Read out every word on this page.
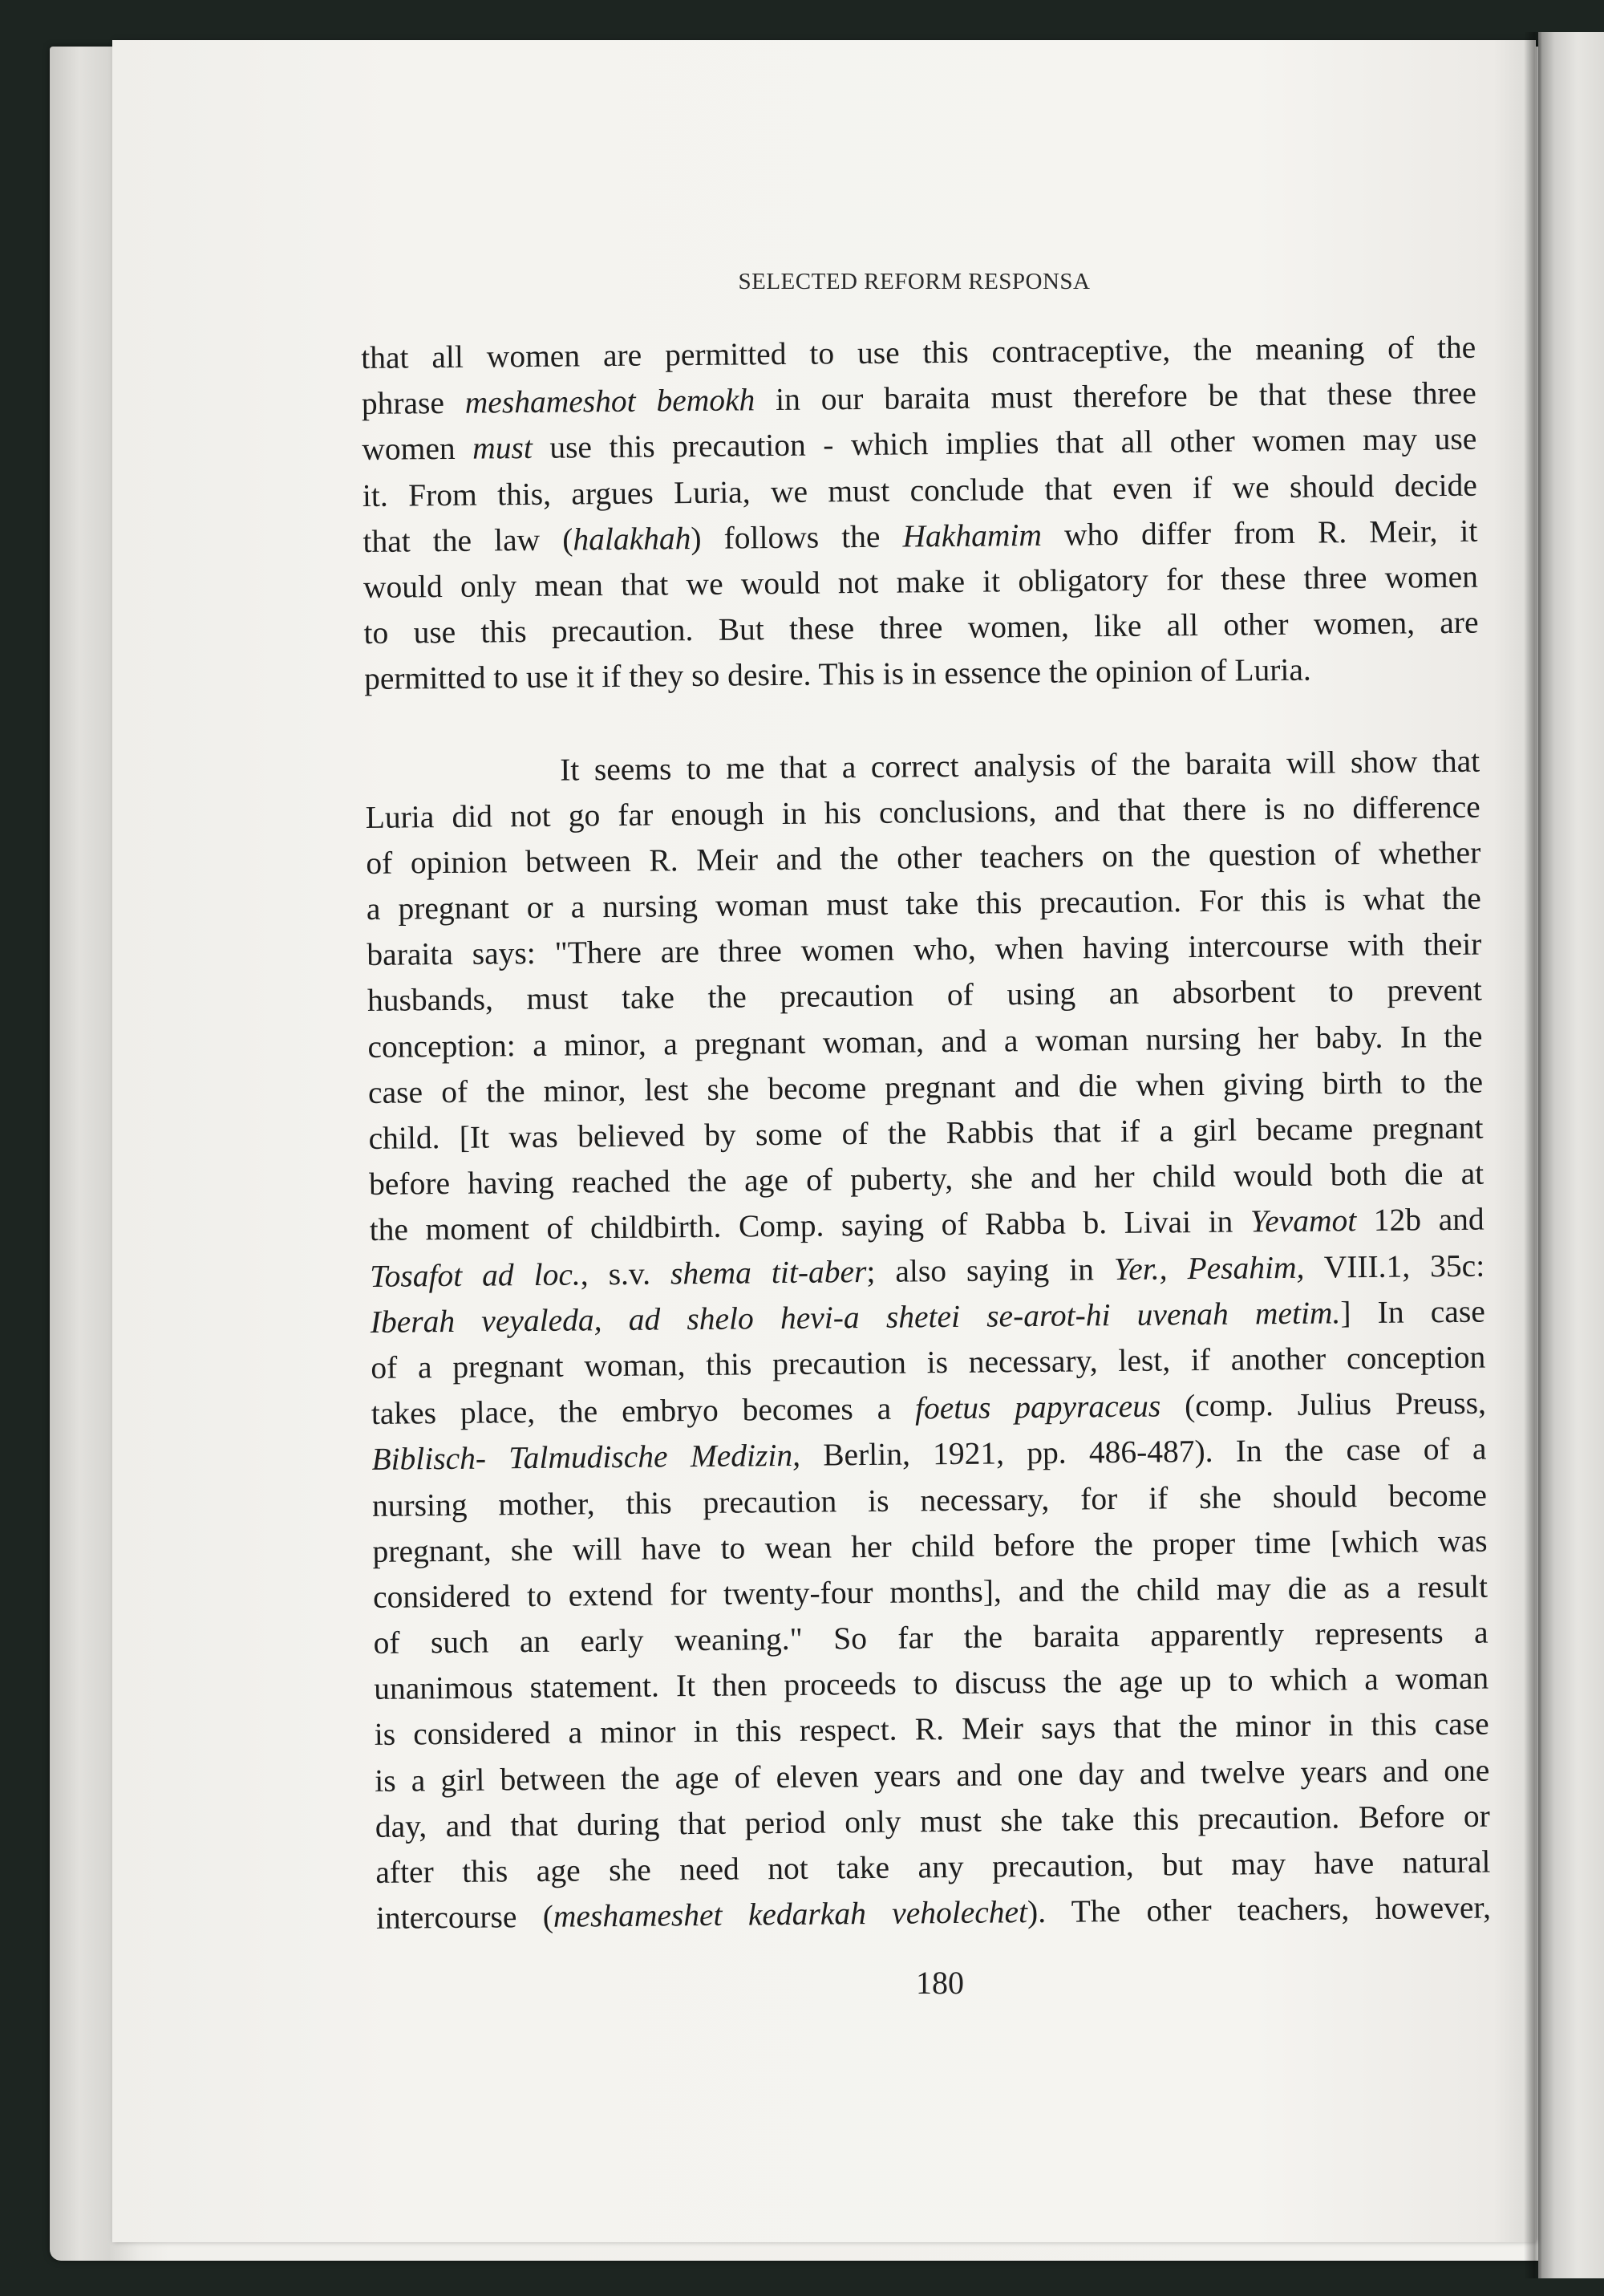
SELECTED REFORM RESPONSA
that all women are permitted to use this contraceptive, the meaning of the
phrase meshameshot bemokh in our baraita must therefore be that these three
women must use this precaution - which implies that all other women may use
it. From this, argues Luria, we must conclude that even if we should decide
that the law (halakhah) follows the Hakhamim who differ from R. Meir, it
would only mean that we would not make it obligatory for these three women
to use this precaution. But these three women, like all other women, are
permitted to use it if they so desire. This is in essence the opinion of Luria.
It seems to me that a correct analysis of the baraita will show that
Luria did not go far enough in his conclusions, and that there is no difference
of opinion between R. Meir and the other teachers on the question of whether
a pregnant or a nursing woman must take this precaution. For this is what the
baraita says: "There are three women who, when having intercourse with their
husbands, must take the precaution of using an absorbent to prevent
conception: a minor, a pregnant woman, and a woman nursing her baby. In the
case of the minor, lest she become pregnant and die when giving birth to the
child. [It was believed by some of the Rabbis that if a girl became pregnant
before having reached the age of puberty, she and her child would both die at
the moment of childbirth. Comp. saying of Rabba b. Livai in Yevamot 12b and
Tosafot ad loc., s.v. shema tit-aber; also saying in Yer., Pesahim, VIII.1, 35c:
Iberah veyaleda, ad shelo hevi-a shetei se-arot-hi uvenah metim.] In case
of a pregnant woman, this precaution is necessary, lest, if another conception
takes place, the embryo becomes a foetus papyraceus (comp. Julius Preuss,
Biblisch- Talmudische Medizin, Berlin, 1921, pp. 486-487). In the case of a
nursing mother, this precaution is necessary, for if she should become
pregnant, she will have to wean her child before the proper time [which was
considered to extend for twenty-four months], and the child may die as a result
of such an early weaning." So far the baraita apparently represents a
unanimous statement. It then proceeds to discuss the age up to which a woman
is considered a minor in this respect. R. Meir says that the minor in this case
is a girl between the age of eleven years and one day and twelve years and one
day, and that during that period only must she take this precaution. Before or
after this age she need not take any precaution, but may have natural
intercourse (meshameshet kedarkah veholechet). The other teachers, however,
180
